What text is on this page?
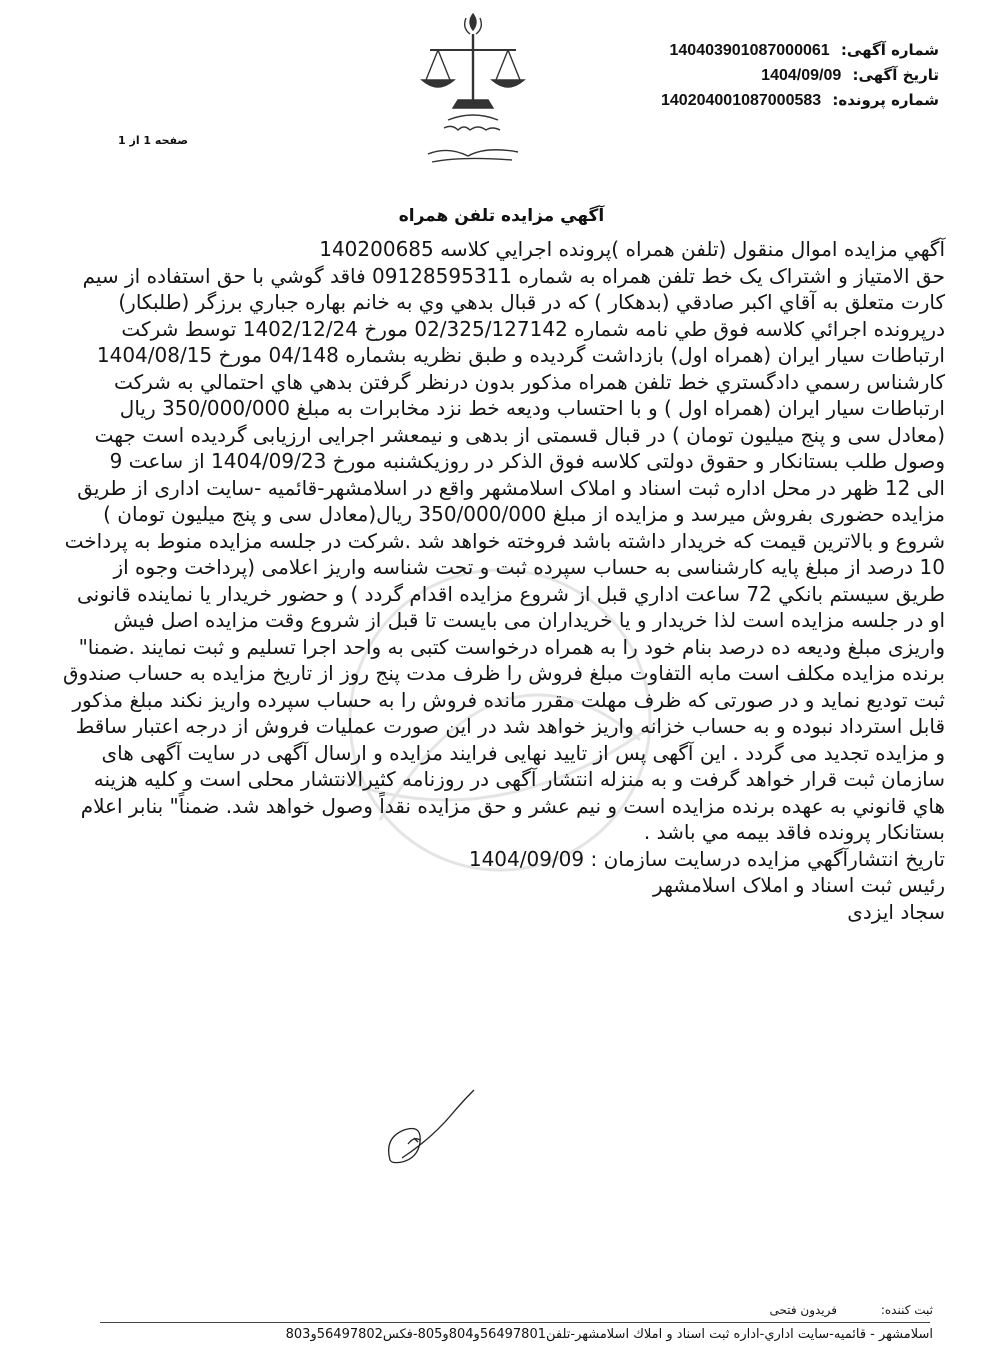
شماره آگهی: 14040390108700006​1
تاریخ آگهی: 1404/09/09
شماره پرونده: 140204001087000583
صفحه 1 از 1
آگهي مزايده تلفن همراه
آگهي مزايده اموال منقول (تلفن همراه )پرونده اجرايي كلاسه 140200685
حق الامتياز و اشتراک يک خط تلفن همراه به شماره 09128595311 فاقد گوشي با حق استفاده از سيم
كارت متعلق به آقاي اكبر صادقي (بدهكار ) كه در قبال بدهي وي به خانم بهاره جباري برزگر (طلبكار)
درپرونده اجرائي كلاسه فوق طي نامه شماره 02/325/127142 مورخ 1402/12/24 توسط شركت
ارتباطات سيار ايران (همراه اول) بازداشت گرديده و طبق نظريه بشماره 04/148 مورخ 1404/08/15
كارشناس رسمي دادگستري خط تلفن همراه مذكور بدون درنظر گرفتن بدهي هاي احتمالي به شركت
ارتباطات سيار ايران (همراه اول ) و با احتساب وديعه خط نزد مخابرات به مبلغ 350/000/000 ريال
(معادل سی و پنج ميليون تومان ) در قبال قسمتی از بدهی و نيمعشر اجرايی ارزيابی گرديده است جهت
وصول طلب بستانكار و حقوق دولتی كلاسه فوق الذكر در روزيكشنبه مورخ 1404/09/23 از ساعت 9
الی 12 ظهر در محل اداره ثبت اسناد و املاک اسلامشهر واقع در اسلامشهر-قائميه -سايت اداری از طريق
مزايده حضوری بفروش ميرسد و مزايده از مبلغ 350/000/000 ريال(معادل سی و پنج ميليون تومان )
شروع و بالاترين قيمت كه خريدار داشته باشد فروخته خواهد شد .شركت در جلسه مزايده منوط به پرداخت
10 درصد از مبلغ پايه كارشناسی به حساب سپرده ثبت و تحت شناسه واريز اعلامی (پرداخت وجوه از
طريق سيستم بانكي 72 ساعت اداري قبل از شروع مزايده اقدام گردد ) و حضور خريدار يا نماينده قانونی
او در جلسه مزايده است لذا خريدار و يا خريداران می بايست تا قبل از شروع وقت مزايده اصل فيش
واريزی مبلغ وديعه ده درصد بنام خود را به همراه درخواست كتبی به واحد اجرا تسليم و ثبت نمايند .ضمنا"
برنده مزايده مكلف است مابه التفاوت مبلغ فروش را ظرف مدت پنج روز از تاريخ مزايده به حساب صندوق
ثبت توديع نمايد و در صورتی كه ظرف مهلت مقرر مانده فروش را به حساب سپرده واريز نكند مبلغ مذكور
قابل استرداد نبوده و به حساب خزانه واريز خواهد شد در اين صورت عمليات فروش از درجه اعتبار ساقط
و مزايده تجديد می گردد . اين آگهی پس از تاييد نهايی فرايند مزايده و ارسال آگهی در سايت آگهی های
سازمان ثبت قرار خواهد گرفت و به منزله انتشار آگهی در روزنامه كثيرالانتشار محلی است و كليه هزينه
هاي قانوني به عهده برنده مزايده است و نيم عشر و حق مزايده نقداً وصول خواهد شد. ضمناً" بنابر اعلام
بستانكار پرونده فاقد بيمه مي باشد .
تاريخ انتشارآگهي مزايده درسايت سازمان : 1404/09/09
رئيس ثبت اسناد و املاک اسلامشهر
سجاد ايزدی
ثبت كننده: فريدون فتحی
اسلامشهر - قائميه-سايت اداري-اداره ثبت اسناد و املاك اسلامشهر-تلفن56497801و804و805-فكس56497802و803
